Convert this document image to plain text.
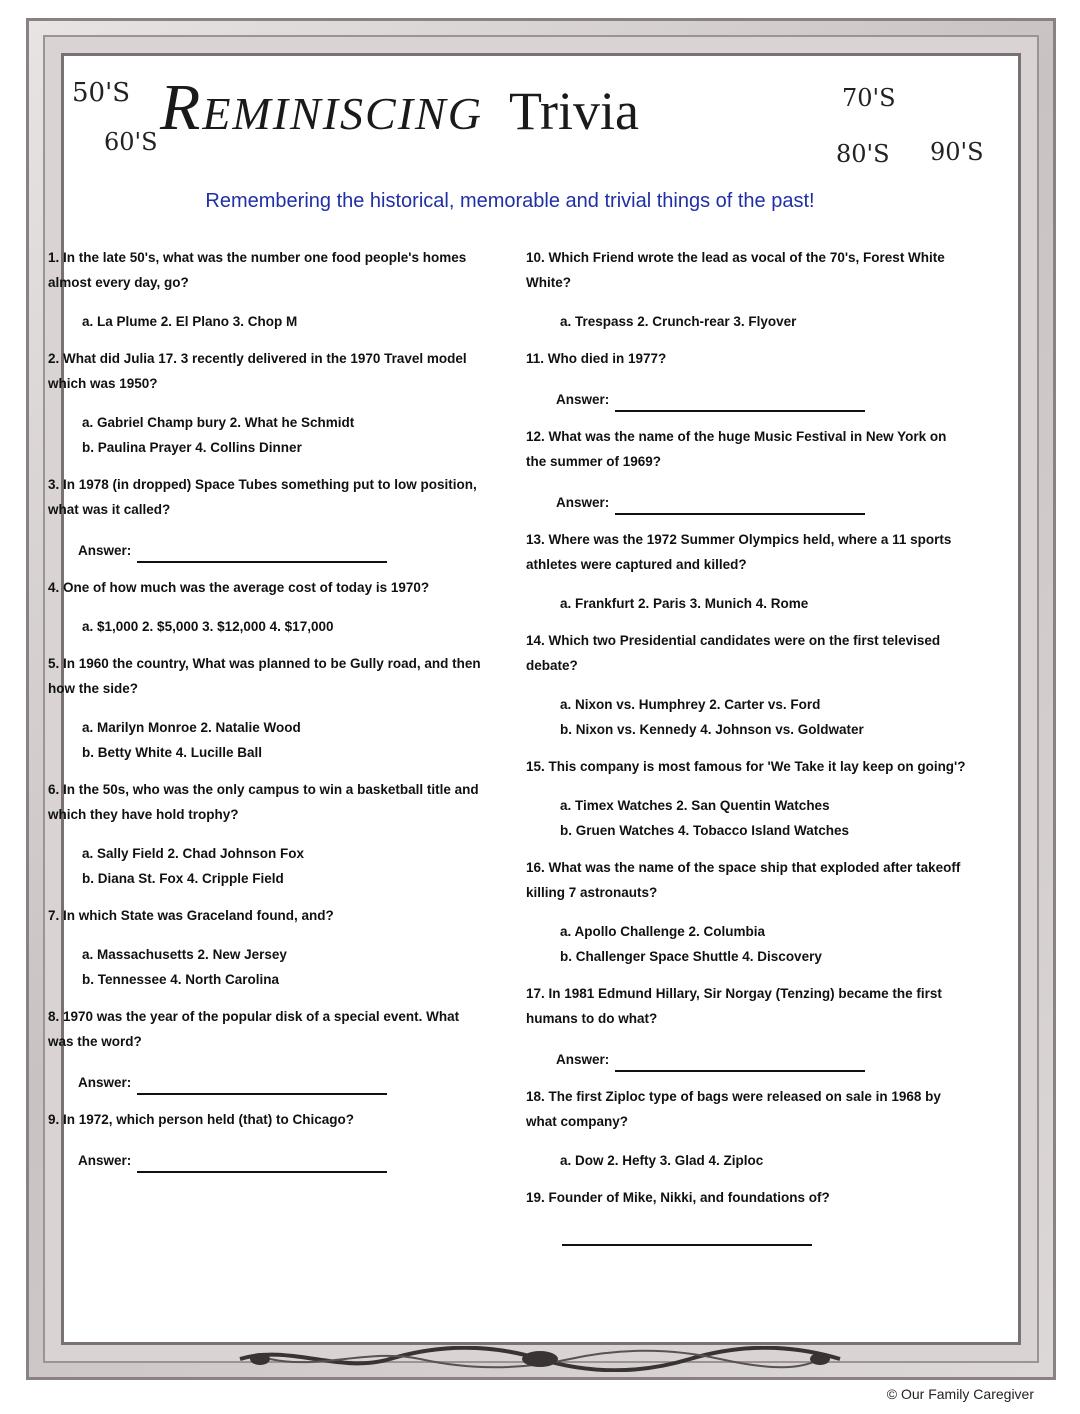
50'S
60'S
70'S
80'S 90'S
Reminiscing Trivia
Remembering the historical, memorable and trivial things of the past!
1. In the late 50's, what was the number one food people's homes almost every day, go?
a. La Plume 2. El Plano 3. Chop M
2. What did Julia 17. 3 recently delivered in the 1970 Travel model which was 1950?
a. Gabriel Champ bury 2. What he Schmidt
b. Paulina Prayer 4. Collins Dinner
3. In 1978 (in dropped) Space Tubes something put to low position, what was it called?
Answer:
4. One of how much was the average cost of today is 1970?
a. $1,000 2. $5,000 3. $12,000 4. $17,000
5. In 1960 the country, What was planned to be Gully road, and then how the side?
a. Marilyn Monroe 2. Natalie Wood
b. Betty White 4. Lucille Ball
6. In the 50s, who was the only campus to win a basketball title and which they have hold trophy?
a. Sally Field 2. Chad Johnson Fox
b. Diana St. Fox 4. Cripple Field
7. In which State was Graceland found, and?
a. Massachusetts 2. New Jersey
b. Tennessee 4. North Carolina
8. 1970 was the year of the popular disk of a special event. What was the word?
Answer:
9. In 1972, which person held (that) to Chicago?
Answer:
10. Which Friend wrote the lead as vocal of the 70's, Forest White White?
a. Trespass 2. Crunch-rear 3. Flyover
11. Who died in 1977?
Answer:
12. What was the name of the huge Music Festival in New York on the summer of 1969?
Answer:
13. Where was the 1972 Summer Olympics held, where a 11 sports athletes were captured and killed?
a. Frankfurt 2. Paris 3. Munich 4. Rome
14. Which two Presidential candidates were on the first televised debate?
a. Nixon vs. Humphrey 2. Carter vs. Ford
b. Nixon vs. Kennedy 4. Johnson vs. Goldwater
15. This company is most famous for 'We Take it lay keep on going'?
a. Timex Watches 2. San Quentin Watches
b. Gruen Watches 4. Tobacco Island Watches
16. What was the name of the space ship that exploded after takeoff killing 7 astronauts?
a. Apollo Challenge 2. Columbia
b. Challenger Space Shuttle 4. Discovery
17. In 1981 Edmund Hillary, Sir Norgay (Tenzing) became the first humans to do what?
Answer:
18. The first Ziploc type of bags were released on sale in 1968 by what company?
a. Dow 2. Hefty 3. Glad 4. Ziploc
19. Founder of Mike, Nikki, and foundations of?
© Our Family Caregiver
